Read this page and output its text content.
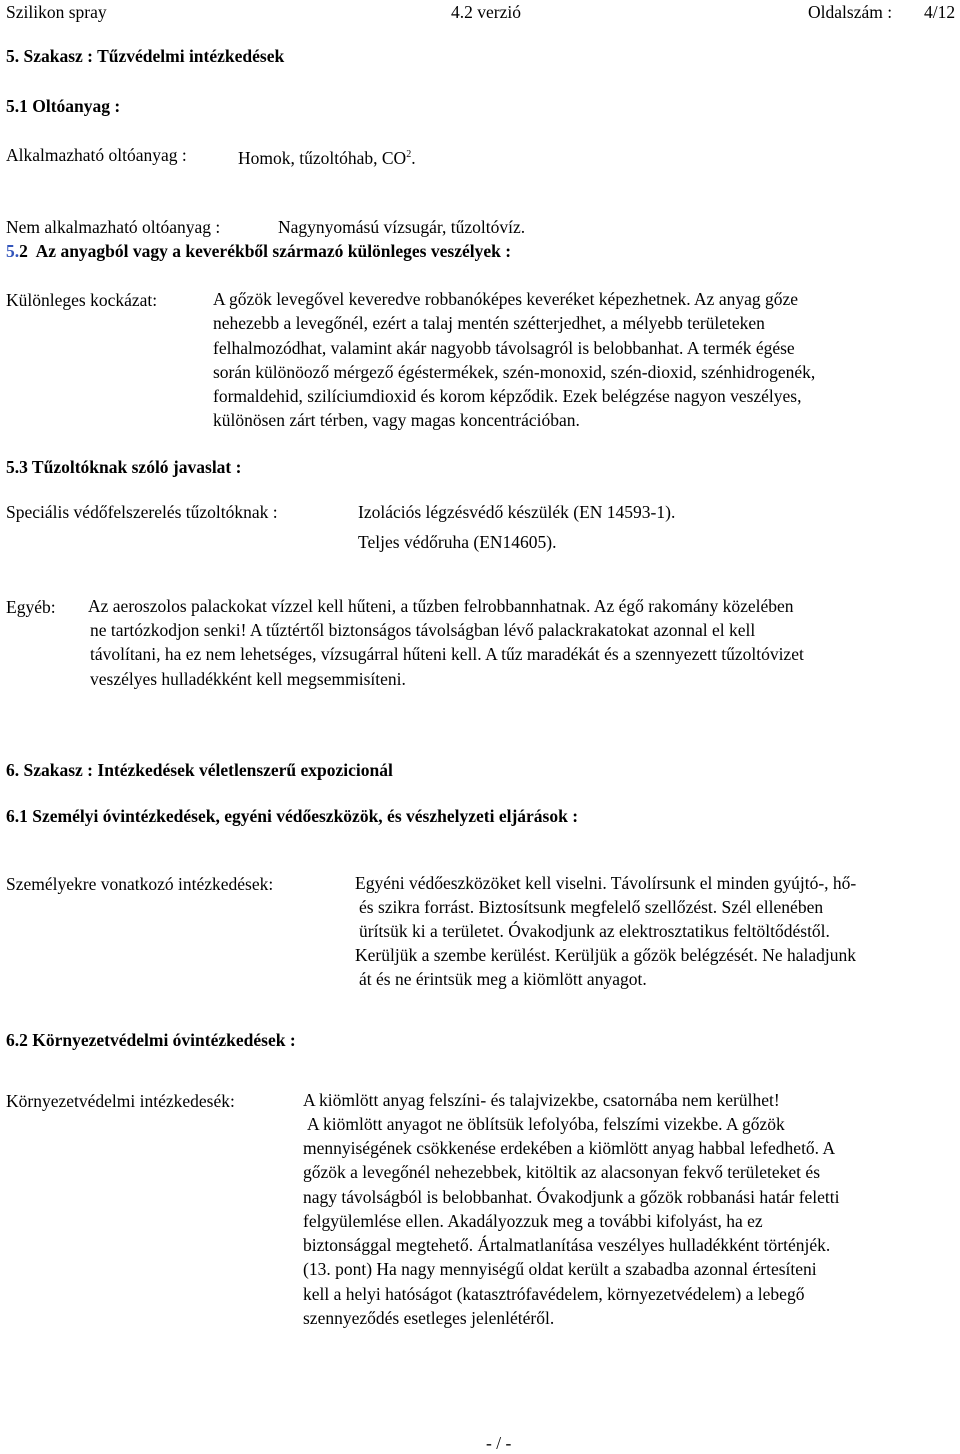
Szilikon spray	4.2 verzió	Oldalszám : 4/12
5. Szakasz : Tűzvédelmi intézkedések
5.1 Oltóanyag :
Alkalmazható oltóanyag :	Homok, tűzoltóhab, $CO^2$.
Nem alkalmazható oltóanyag :	Nagynyomású vízsugár, tűzoltóvíz.
5.2 Az anyagból vagy a keverékből származó különleges veszélyek :
Különleges kockázat:	A gőzök levegővel keveredve robbanóképes keveréket képezhetnek. Az anyag gőze
nehezebb a levegőnél, ezért a talaj mentén szétterjedhet, a mélyebb területeken
felhalmozódhat, valamint akár nagyobb távolsagról is belobbanhat. A termék égése
során különöoző mérgező égéstermékek, szén-monoxid, szén-dioxid, szénhidrogenék,
formaldehid, szilíciumdioxid és korom képződik. Ezek belégzése nagyon veszélyes,
különösen zárt térben, vagy magas koncentrációban.
5.3 Tűzoltóknak szóló javaslat :
Speciális védőfelszerelés tűzoltóknak :	Izolációs légzésvédő készülék (EN 14593-1).
Teljes védőruha (EN14605).
Egyéb: Az aeroszolos palackokat vízzel kell hűteni, a tűzben felrobbannhatnak. Az égő rakomány közelében
ne tartózkodjon senki! A tűztértől biztonságos távolságban lévő palackrakatokat azonnal el kell
távolítani, ha ez nem lehetséges, vízsugárral hűteni kell. A tűz maradékát és a szennyezett tűzoltóvizet
veszélyes hulladékként kell megsemmisíteni.
6. Szakasz : Intézkedések véletlenszerű expozicionál
6.1 Személyi óvintézkedések, egyéni védőeszközök, és vészhelyzeti eljárások :
Személyekre vonatkozó intézkedések:	Egyéni védőeszközöket kell viselni. Távolírsunk el minden gyújtó-, hő-
és szikra forrást. Biztosítsunk megfelelő szellőzést. Szél ellenében
ürítsük ki a területet. Óvakodjunk az elektrosztatikus feltöltődéstől.
Kerüljük a szembe kerülést. Kerüljük a gőzök belégzését. Ne haladjunk
át és ne érintsük meg a kiömlött anyagot.
6.2 Környezetvédelmi óvintézkedések :
Környezetvédelmi intézkedesék:	A kiömlött anyag felszíni- és talajvizekbe, csatornába nem kerülhet!
A kiömlött anyagot ne öblítsük lefolyóba, felszími vizekbe. A gőzök
mennyiségének csökkenése erdekében a kiömlött anyag habbal lefedhető. A
gőzök a levegőnél nehezebbek, kitöltik az alacsonyan fekvő területeket és
nagy távolságból is belobbanhat. Óvakodjunk a gőzök robbanási határ feletti
felgyülemlése ellen. Akadályozzuk meg a további kifolyást, ha ez
biztonsággal megtehető. Ártalmatlanítása veszélyes hulladékként történjék.
(13. pont) Ha nagy mennyiségű oldat került a szabadba azonnal értesíteni
kell a helyi hatóságot (katasztrófavédelem, környezetvédelem) a lebegő
szennyeződés esetleges jelenlétéről.
- / -
